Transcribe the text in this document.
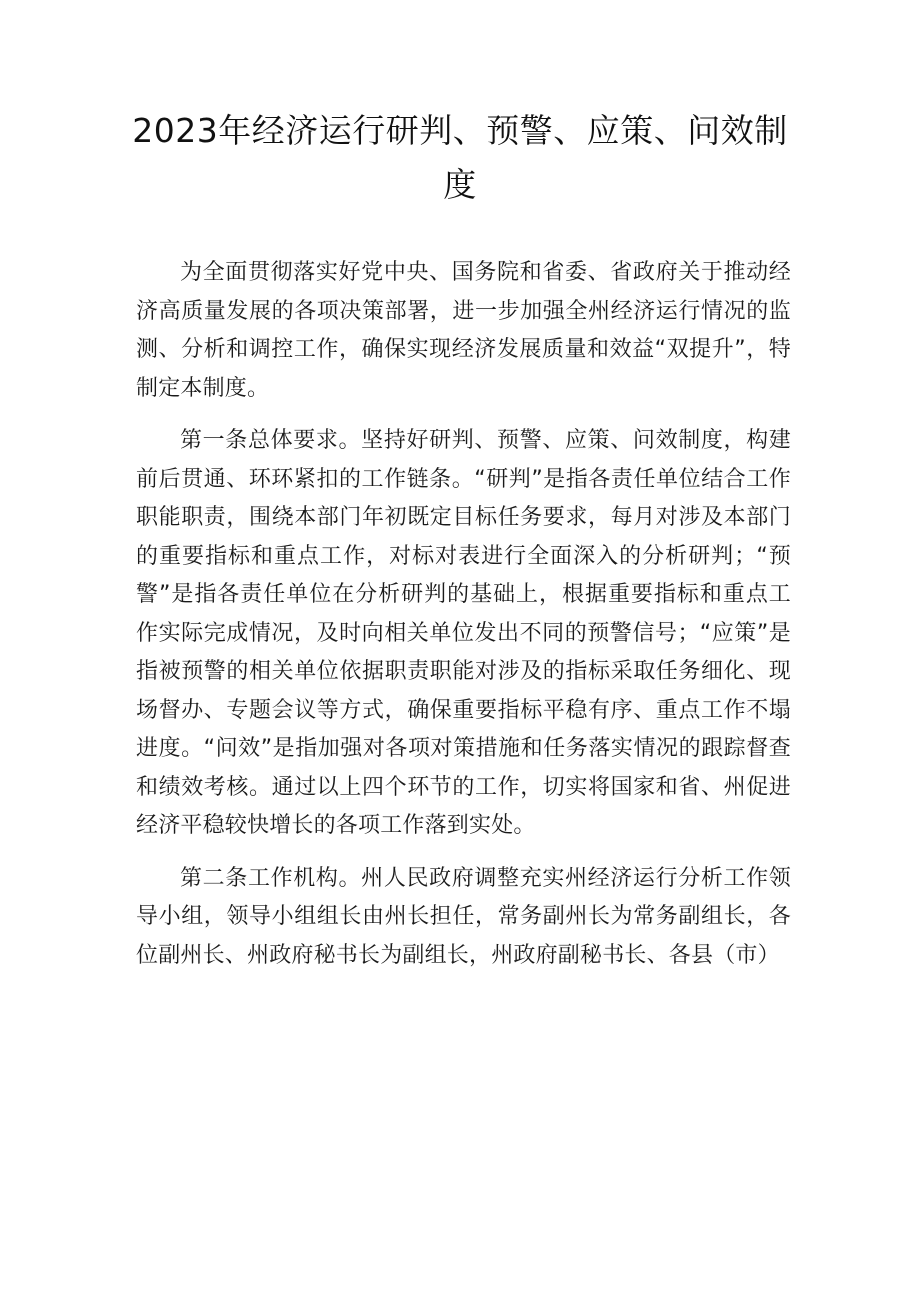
2023年经济运行研判、预警、应策、问效制度

为全面贯彻落实好党中央、国务院和省委、省政府关于推动经济高质量发展的各项决策部署，进一步加强全州经济运行情况的监测、分析和调控工作，确保实现经济发展质量和效益“双提升”，特制定本制度。

第一条总体要求。坚持好研判、预警、应策、问效制度，构建前后贯通、环环紧扣的工作链条。“研判”是指各责任单位结合工作职能职责，围绕本部门年初既定目标任务要求，每月对涉及本部门的重要指标和重点工作，对标对表进行全面深入的分析研判；“预警”是指各责任单位在分析研判的基础上，根据重要指标和重点工作实际完成情况，及时向相关单位发出不同的预警信号；“应策”是指被预警的相关单位依据职责职能对涉及的指标采取任务细化、现场督办、专题会议等方式，确保重要指标平稳有序、重点工作不塌进度。“问效”是指加强对各项对策措施和任务落实情况的跟踪督查和绩效考核。通过以上四个环节的工作，切实将国家和省、州促进经济平稳较快增长的各项工作落到实处。

第二条工作机构。州人民政府调整充实州经济运行分析工作领导小组，领导小组组长由州长担任，常务副州长为常务副组长，各位副州长、州政府秘书长为副组长，州政府副秘书长、各县（市）
